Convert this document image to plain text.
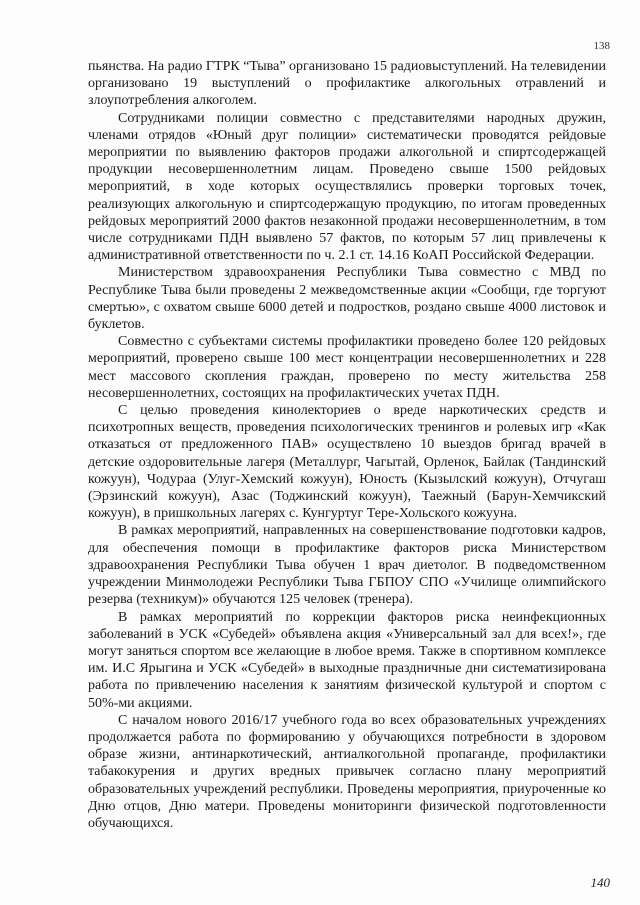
138

пьянства. На радио ГТРК “Тыва” организовано 15 радиовыступлений. На телевидении организовано 19 выступлений о профилактике алкогольных отравлений и злоупотребления алкоголем.

Сотрудниками полиции совместно с представителями народных дружин, членами отрядов «Юный друг полиции» систематически проводятся рейдовые мероприятии по выявлению факторов продажи алкогольной и спиртсодержащей продукции несовершеннолетним лицам. Проведено свыше 1500 рейдовых мероприятий, в ходе которых осуществлялись проверки торговых точек, реализующих алкогольную и спиртсодержащую продукцию, по итогам проведенных рейдовых мероприятий 2000 фактов незаконной продажи несовершеннолетним, в том числе сотрудниками ПДН выявлено 57 фактов, по которым 57 лиц привлечены к административной ответственности по ч. 2.1 ст. 14.16 КоАП Российской Федерации.

Министерством здравоохранения Республики Тыва совместно с МВД по Республике Тыва были проведены 2 межведомственные акции «Сообщи, где торгуют смертью», с охватом свыше 6000 детей и подростков, роздано свыше 4000 листовок и буклетов.

Совместно с субъектами системы профилактики проведено более 120 рейдовых мероприятий, проверено свыше 100 мест концентрации несовершеннолетних и 228 мест массового скопления граждан, проверено по месту жительства 258 несовершеннолетних, состоящих на профилактических учетах ПДН.

С целью проведения кинолекториев о вреде наркотических средств и психотропных веществ, проведения психологических тренингов и ролевых игр «Как отказаться от предложенного ПАВ» осуществлено 10 выездов бригад врачей в детские оздоровительные лагеря (Металлург, Чагытай, Орленок, Байлак (Тандинский кожуун), Чодураа (Улуг-Хемский кожуун), Юность (Кызылский кожуун), Отчугаш (Эрзинский кожуун), Азас (Тоджинский кожуун), Таежный (Барун-Хемчикский кожуун), в пришкольных лагерях с. Кунгуртуг Тере-Хольского кожууна.

В рамках мероприятий, направленных на совершенствование подготовки кадров, для обеспечения помощи в профилактике факторов риска Министерством здравоохранения Республики Тыва обучен 1 врач диетолог. В подведомственном учреждении Минмолодежи Республики Тыва ГБПОУ СПО «Училище олимпийского резерва (техникум)» обучаются 125 человек (тренера).

В рамках мероприятий по коррекции факторов риска неинфекционных заболеваний в УСК «Субедей» объявлена акция «Универсальный зал для всех!», где могут заняться спортом все желающие в любое время. Также в спортивном комплексе им. И.С Ярыгина и УСК «Субедей» в выходные праздничные дни систематизирована работа по привлечению населения к занятиям физической культурой и спортом с 50%-ми акциями.

С началом нового 2016/17 учебного года во всех образовательных учреждениях продолжается работа по формированию у обучающихся потребности в здоровом образе жизни, антинаркотический, антиалкогольной пропаганде, профилактики табакокурения и других вредных привычек согласно плану мероприятий образовательных учреждений республики. Проведены мероприятия, приуроченные ко Дню отцов, Дню матери. Проведены мониторинги физической подготовленности обучающихся.

140
